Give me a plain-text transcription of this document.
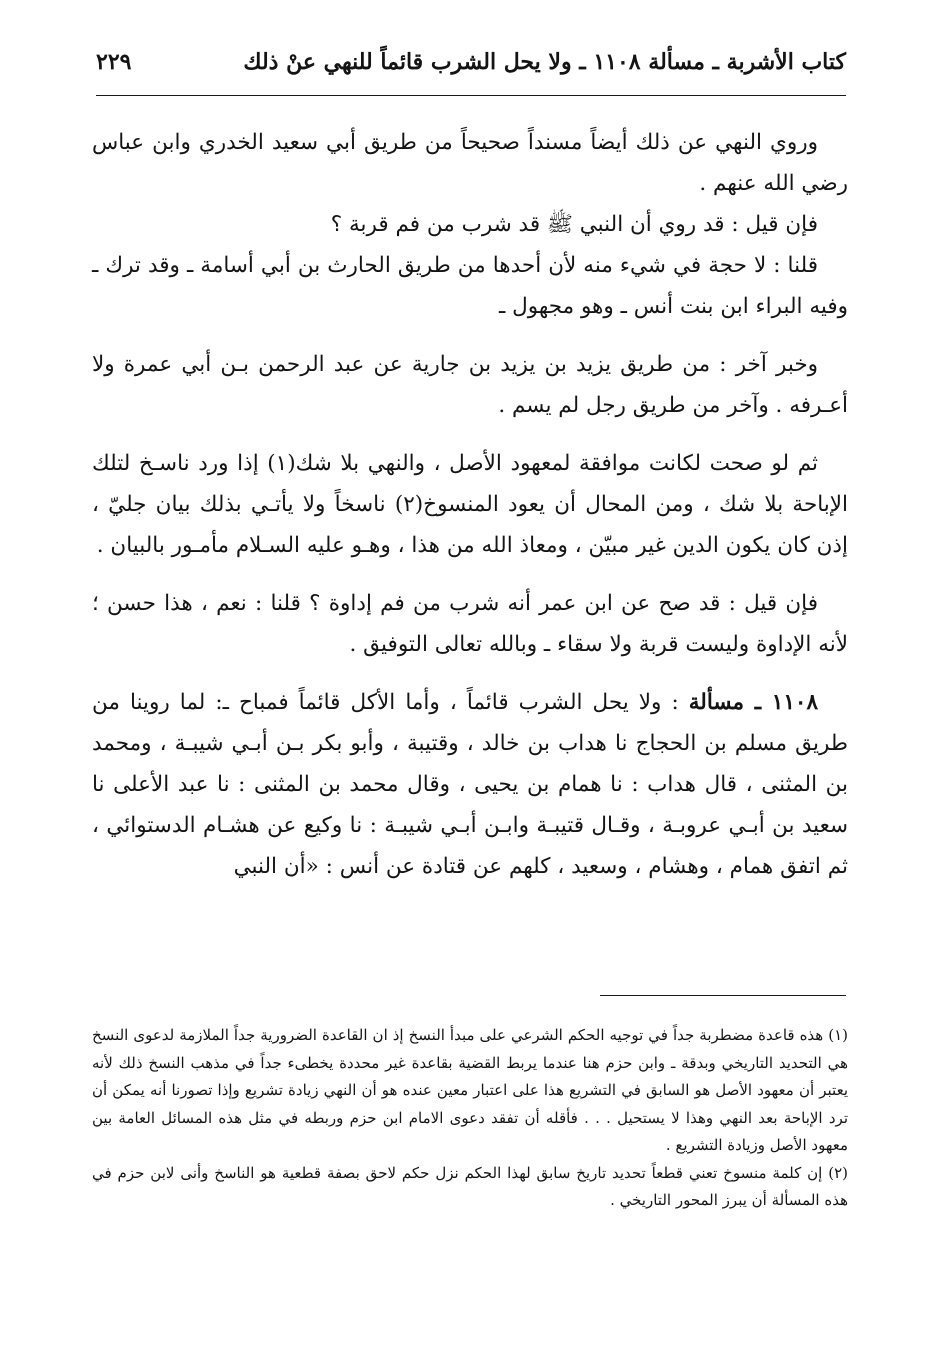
كتاب الأشربة ـ مسألة ١١٠٨ ـ ولا يحل الشرب قائماً للنهي عنْ ذلك
٢٢٩

وروي النهي عن ذلك أيضاً مسنداً صحيحاً من طريق أبي سعيد الخدري وابن عباس رضي الله عنهم .

فإن قيل : قد روي أن النبي ﷺ قد شرب من فم قربة ؟

قلنا : لا حجة في شيء منه لأن أحدها من طريق الحارث بن أبي أسامة ـ وقد ترك ـ وفيه البراء ابن بنت أنس ـ وهو مجهول ـ

وخبر آخر : من طريق يزيد بن يزيد بن جارية عن عبد الرحمن بـن أبي عمرة ولا أعـرفه . وآخر من طريق رجل لم يسم .

ثم لو صحت لكانت موافقة لمعهود الأصل ، والنهي بلا شك(١) إذا ورد ناسـخ لتلك الإباحة بلا شك ، ومن المحال أن يعود المنسوخ(٢) ناسخاً ولا يأتـي بذلك بيان جليّ ، إذن كان يكون الدين غير مبيّن ، ومعاذ الله من هذا ، وهـو عليه السـلام مأمـور بالبيان .

فإن قيل : قد صح عن ابن عمر أنه شرب من فم إداوة ؟ قلنا : نعم ، هذا حسن ؛ لأنه الإداوة وليست قربة ولا سقاء ـ وبالله تعالى التوفيق .

١١٠٨ ـ مسألة : ولا يحل الشرب قائماً ، وأما الأكل قائماً فمباح ـ: لما روينا من طريق مسلم بن الحجاج نا هداب بن خالد ، وقتيبة ، وأبو بكر بـن أبـي شيبـة ، ومحمد بن المثنى ، قال هداب : نا همام بن يحيى ، وقال محمد بن المثنى : نا عبد الأعلى نا سعيد بن أبـي عروبـة ، وقـال قتيبـة وابـن أبـي شيبـة : نا وكيع عن هشـام الدستوائي ، ثم اتفق همام ، وهشام ، وسعيد ، كلهم عن قتادة عن أنس : «أن النبي

(١) هذه قاعدة مضطربة جداً في توجيه الحكم الشرعي على مبدأ النسخ إذ ان القاعدة الضرورية جداً الملازمة لدعوى النسخ هي التحديد التاريخي وبدقة ـ وابن حزم هنا عندما يربط القضية بقاعدة غير محددة يخطىء جداً في مذهب النسخ ذلك لأنه يعتبر أن معهود الأصل هو السابق في التشريع هذا على اعتبار معين عنده هو أن النهي زيادة تشريع وإذا تصورنا أنه يمكن أن ترد الإباحة بعد النهي وهذا لا يستحيل . . . فأقله أن تفقد دعوى الامام ابن حزم وربطه في مثل هذه المسائل العامة بين معهود الأصل وزيادة التشريع .

(٢) إن كلمة منسوخ تعني قطعاً تحديد تاريخ سابق لهذا الحكم نزل حكم لاحق بصفة قطعية هو الناسخ وأنى لابن حزم في هذه المسألة أن يبرز المحور التاريخي .
